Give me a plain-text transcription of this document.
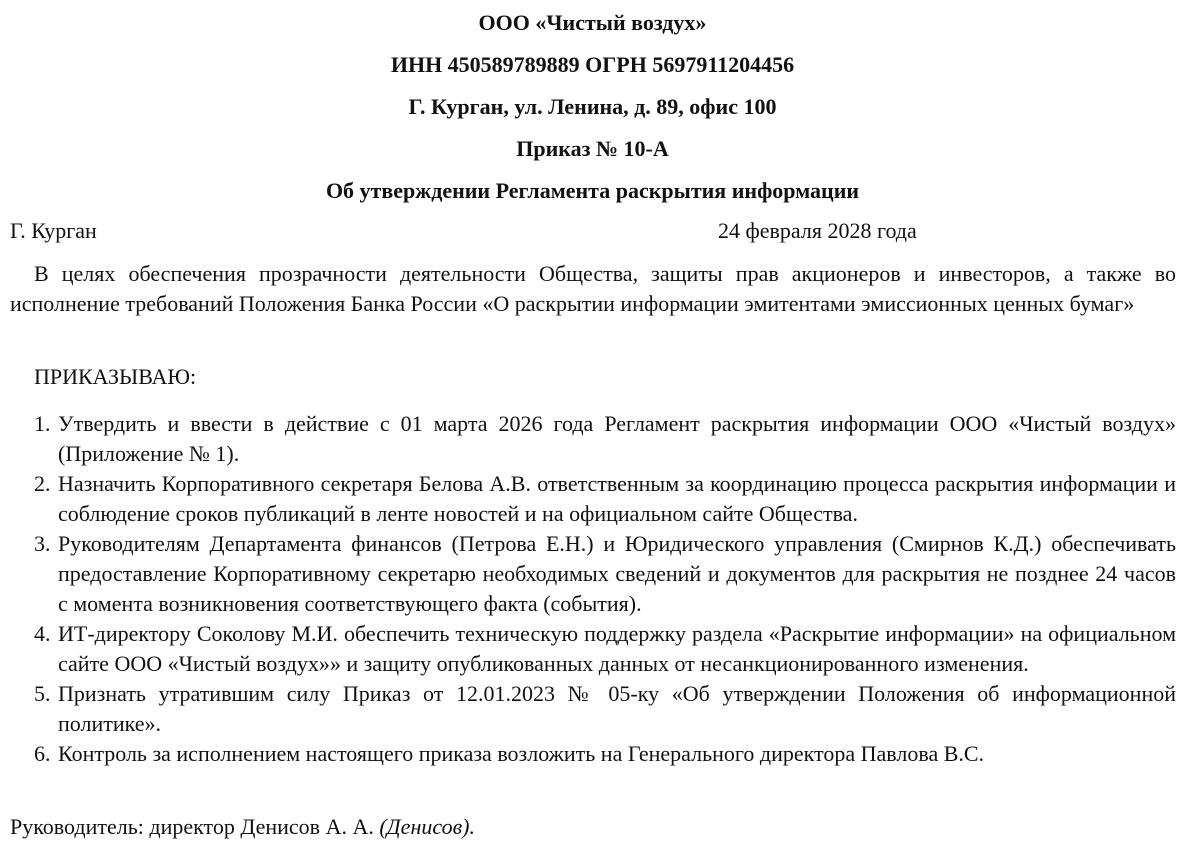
ООО «Чистый воздух»
ИНН 450589789889 ОГРН 5697911204456
Г. Курган, ул. Ленина, д. 89, офис 100
Приказ № 10-А
Об утверждении Регламента раскрытия информации
Г. Курган	24 февраля 2028 года

В целях обеспечения прозрачности деятельности Общества, защиты прав акционеров и инвесторов, а также во исполнение требований Положения Банка России «О раскрытии информации эмитентами эмиссионных ценных бумаг»

ПРИКАЗЫВАЮ:
1. Утвердить и ввести в действие с 01 марта 2026 года Регламент раскрытия информации ООО «Чистый воздух» (Приложение № 1).
2. Назначить Корпоративного секретаря Белова А.В. ответственным за координацию процесса раскрытия информации и соблюдение сроков публикаций в ленте новостей и на официальном сайте Общества.
3. Руководителям Департамента финансов (Петрова Е.Н.) и Юридического управления (Смирнов К.Д.) обеспечивать предоставление Корпоративному секретарю необходимых сведений и документов для раскрытия не позднее 24 часов с момента возникновения соответствующего факта (события).
4. ИТ-директору Соколову М.И. обеспечить техническую поддержку раздела «Раскрытие информации» на официальном сайте ООО «Чистый воздух»» и защиту опубликованных данных от несанкционированного изменения.
5. Признать утратившим силу Приказ от 12.01.2023 № 05-ку «Об утверждении Положения об информационной политике».
6. Контроль за исполнением настоящего приказа возложить на Генерального директора Павлова В.С.
Руководитель: директор Денисов А. А. (Денисов).
